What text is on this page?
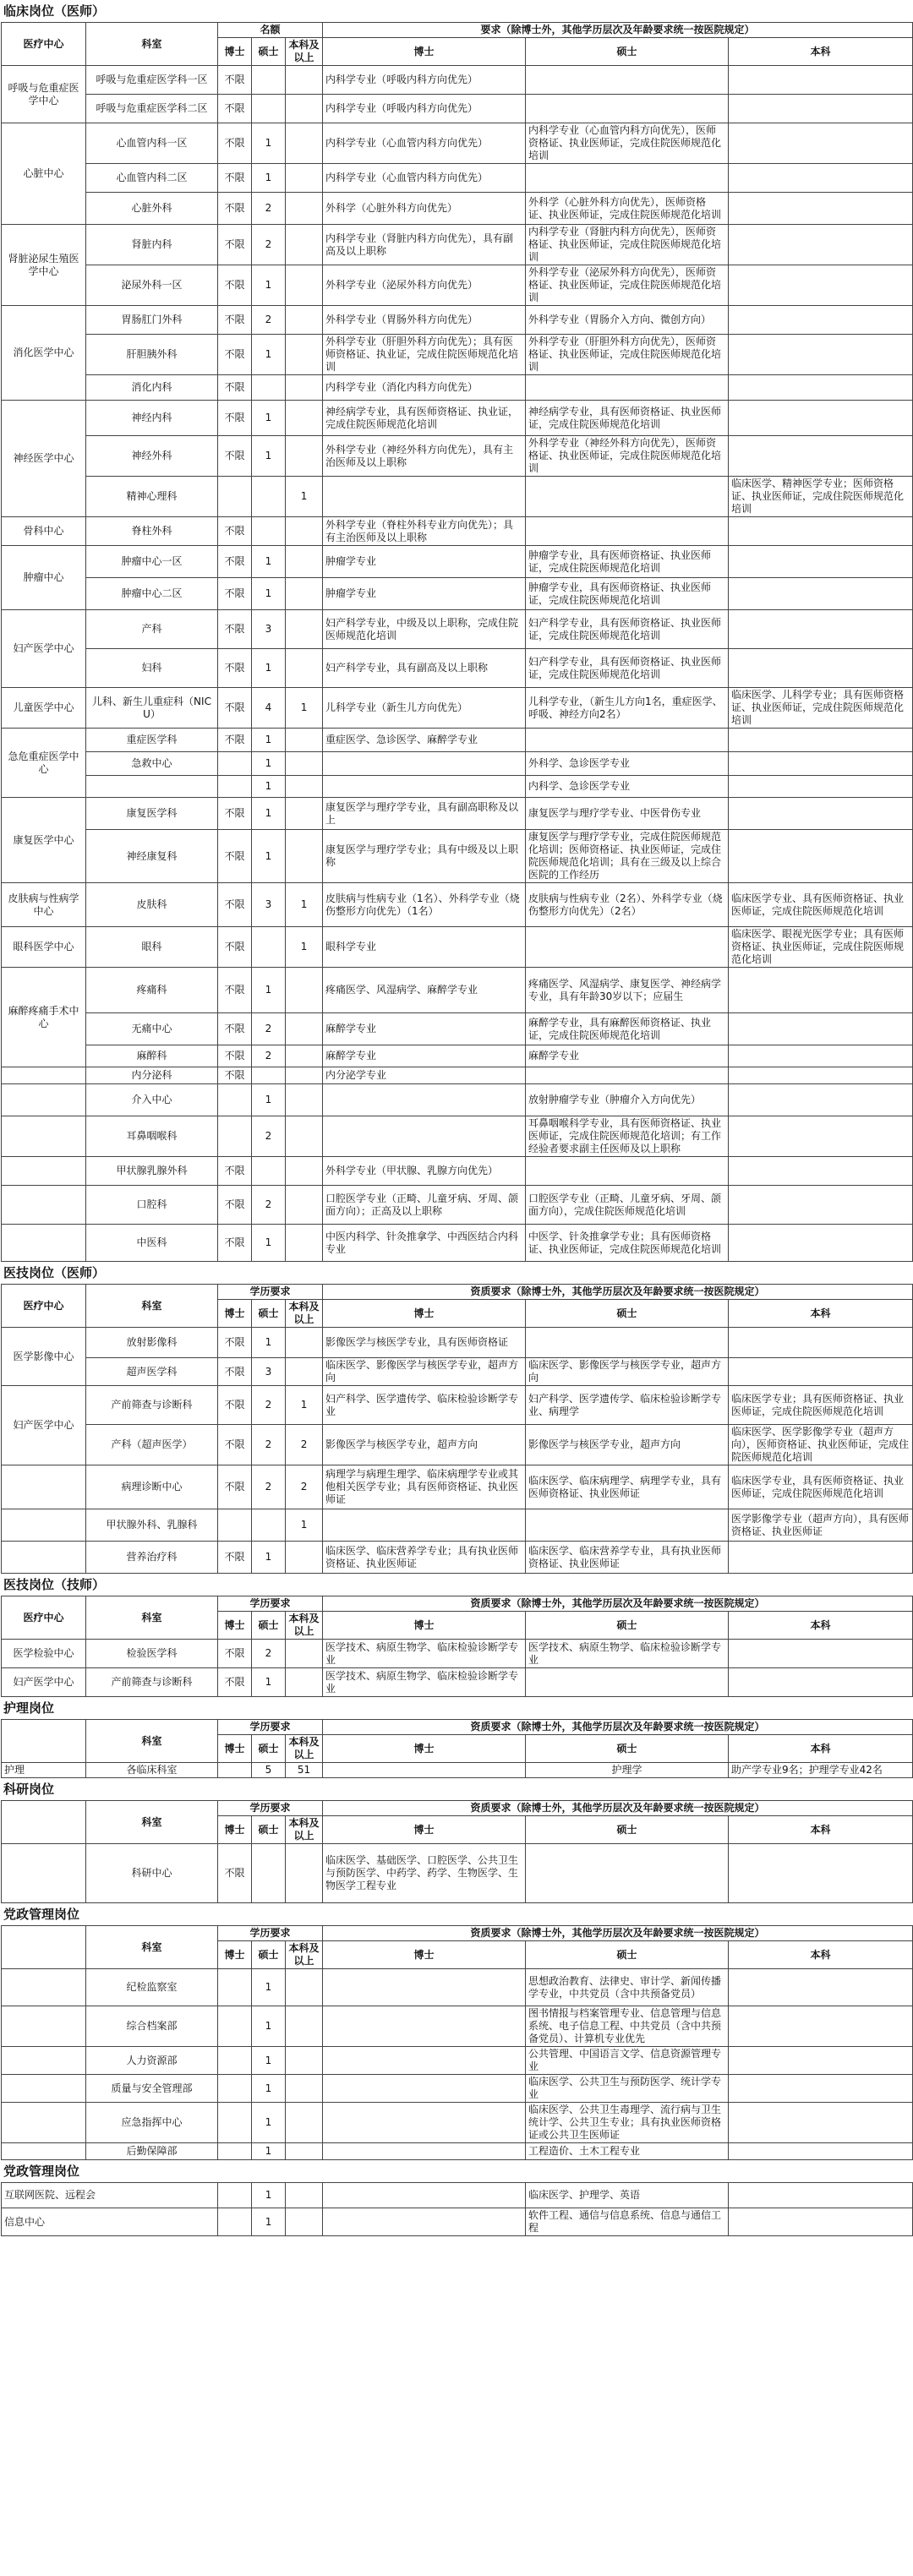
临床岗位（医师）
医疗中心	科室	名额			要求（除博士外，其他学历层次及年龄要求统一按医院规定）		
		博士	硕士	本科及以上	博士	硕士	本科
呼吸与危重症医学中心	呼吸与危重症医学科一区	不限			内科学专业（呼吸内科方向优先）		
	呼吸与危重症医学科二区	不限			内科学专业（呼吸内科方向优先）		
心脏中心	心血管内科一区	不限	1		内科学专业（心血管内科方向优先）	内科学专业（心血管内科方向优先），医师资格证、执业医师证，完成住院医师规范化培训	
	心血管内科二区	不限	1		内科学专业（心血管内科方向优先）		
	心脏外科	不限	2		外科学（心脏外科方向优先）	外科学（心脏外科方向优先），医师资格证、执业医师证，完成住院医师规范化培训	
肾脏泌尿生殖医学中心	肾脏内科	不限	2		内科学专业（肾脏内科方向优先），具有副高及以上职称	内科学专业（肾脏内科方向优先），医师资格证、执业医师证，完成住院医师规范化培训	
	泌尿外科一区	不限	1		外科学专业（泌尿外科方向优先）	外科学专业（泌尿外科方向优先），医师资格证、执业医师证，完成住院医师规范化培训	
消化医学中心	胃肠肛门外科	不限	2		外科学专业（胃肠外科方向优先）	外科学专业（胃肠介入方向、微创方向）	
	肝胆胰外科	不限	1		外科学专业（肝胆外科方向优先）；具有医师资格证、执业证，完成住院医师规范化培训	外科学专业（肝胆外科方向优先），医师资格证、执业医师证，完成住院医师规范化培训	
	消化内科	不限			内科学专业（消化内科方向优先）		
神经医学中心	神经内科	不限	1		神经病学专业，具有医师资格证、执业证，完成住院医师规范化培训	神经病学专业，具有医师资格证、执业医师证，完成住院医师规范化培训	
	神经外科	不限	1		外科学专业（神经外科方向优先），具有主治医师及以上职称	外科学专业（神经外科方向优先），医师资格证、执业医师证，完成住院医师规范化培训	
	精神心理科			1			临床医学、精神医学专业；医师资格证、执业医师证，完成住院医师规范化培训
骨科中心	脊柱外科	不限			外科学专业（脊柱外科专业方向优先）；具有主治医师及以上职称		
肿瘤中心	肿瘤中心一区	不限	1		肿瘤学专业	肿瘤学专业，具有医师资格证、执业医师证，完成住院医师规范化培训	
	肿瘤中心二区	不限	1		肿瘤学专业	肿瘤学专业，具有医师资格证、执业医师证，完成住院医师规范化培训	
妇产医学中心	产科	不限	3		妇产科学专业，中级及以上职称，完成住院医师规范化培训	妇产科学专业，具有医师资格证、执业医师证，完成住院医师规范化培训	
	妇科	不限	1		妇产科学专业，具有副高及以上职称	妇产科学专业，具有医师资格证、执业医师证，完成住院医师规范化培训	
儿童医学中心	儿科、新生儿重症科（NICU）	不限	4	1	儿科学专业（新生儿方向优先）	儿科学专业，（新生儿方向1名，重症医学、呼吸、神经方向2名）	临床医学、儿科学专业；具有医师资格证、执业医师证，完成住院医师规范化培训
急危重症医学中心	重症医学科	不限	1		重症医学、急诊医学、麻醉学专业		
	急救中心		1			外科学、急诊医学专业	
			1			内科学、急诊医学专业	
康复医学中心	康复医学科	不限	1		康复医学与理疗学专业，具有副高职称及以上	康复医学与理疗学专业、中医骨伤专业	
	神经康复科	不限	1		康复医学与理疗学专业；具有中级及以上职称	康复医学与理疗学专业，完成住院医师规范化培训；医师资格证、执业医师证，完成住院医师规范化培训；具有在三级及以上综合医院的工作经历	
皮肤病与性病学中心	皮肤科	不限	3	1	皮肤病与性病专业（1名）、外科学专业（烧伤整形方向优先）（1名）	皮肤病与性病专业（2名）、外科学专业（烧伤整形方向优先）（2名）	临床医学专业、具有医师资格证、执业医师证，完成住院医师规范化培训
眼科医学中心	眼科	不限		1	眼科学专业		临床医学、眼视光医学专业；具有医师资格证、执业医师证，完成住院医师规范化培训
麻醉疼痛手术中心	疼痛科	不限	1		疼痛医学、风湿病学、麻醉学专业	疼痛医学、风湿病学、康复医学、神经病学专业，具有年龄30岁以下；应届生	
	无痛中心	不限	2		麻醉学专业	麻醉学专业，具有麻醉医师资格证、执业证，完成住院医师规范化培训	
	麻醉科	不限	2		麻醉学专业	麻醉学专业	
	内分泌科	不限			内分泌学专业		
	介入中心		1			放射肿瘤学专业（肿瘤介入方向优先）	
	耳鼻咽喉科		2			耳鼻咽喉科学专业，具有医师资格证、执业医师证，完成住院医师规范化培训；有工作经验者要求副主任医师及以上职称	
	甲状腺乳腺外科	不限			外科学专业（甲状腺、乳腺方向优先）		
	口腔科	不限	2		口腔医学专业（正畸、儿童牙病、牙周、颌面方向）；正高及以上职称	口腔医学专业（正畸、儿童牙病、牙周、颌面方向），完成住院医师规范化培训	
	中医科	不限	1		中医内科学、针灸推拿学、中西医结合内科专业	中医学、针灸推拿学专业；具有医师资格证、执业医师证，完成住院医师规范化培训	
医技岗位（医师）
医疗中心	科室	学历要求			资质要求（除博士外，其他学历层次及年龄要求统一按医院规定）		
		博士	硕士	本科及以上	博士	硕士	本科
医学影像中心	放射影像科	不限	1		影像医学与核医学专业，具有医师资格证		
	超声医学科	不限	3		临床医学、影像医学与核医学专业，超声方向	临床医学、影像医学与核医学专业，超声方向	
妇产医学中心	产前筛查与诊断科	不限	2	1	妇产科学、医学遗传学、临床检验诊断学专业	妇产科学、医学遗传学、临床检验诊断学专业、病理学	临床医学专业；具有医师资格证、执业医师证，完成住院医师规范化培训
	产科（超声医学）	不限	2	2	影像医学与核医学专业，超声方向	影像医学与核医学专业，超声方向	临床医学、医学影像学专业（超声方向），医师资格证、执业医师证，完成住院医师规范化培训
	病理诊断中心	不限	2	2	病理学与病理生理学、临床病理学专业或其他相关医学专业；具有医师资格证、执业医师证	临床医学、临床病理学、病理学专业，具有医师资格证、执业医师证	临床医学专业，具有医师资格证、执业医师证，完成住院医师规范化培训
	甲状腺外科、乳腺科			1			医学影像学专业（超声方向），具有医师资格证、执业医师证
	营养治疗科	不限	1		临床医学、临床营养学专业；具有执业医师资格证、执业医师证	临床医学、临床营养学专业，具有执业医师资格证、执业医师证	
医技岗位（技师）
医疗中心	科室	学历要求			资质要求（除博士外，其他学历层次及年龄要求统一按医院规定）		
		博士	硕士	本科及以上	博士	硕士	本科
医学检验中心	检验医学科	不限	2		医学技术、病原生物学、临床检验诊断学专业	医学技术、病原生物学、临床检验诊断学专业	
妇产医学中心	产前筛查与诊断科	不限	1		医学技术、病原生物学、临床检验诊断学专业		
护理岗位
	科室	学历要求			资质要求（除博士外，其他学历层次及年龄要求统一按医院规定）		
		博士	硕士	本科及以上	博士	硕士	本科
护理	各临床科室		5	51		护理学	助产学专业9名；护理学专业42名
科研岗位
	科室	学历要求			资质要求（除博士外，其他学历层次及年龄要求统一按医院规定）		
		博士	硕士	本科及以上	博士	硕士	本科
	科研中心	不限			临床医学、基础医学、口腔医学、公共卫生与预防医学、中药学、药学、生物医学、生物医学工程专业		
党政管理岗位
	科室	学历要求			资质要求（除博士外，其他学历层次及年龄要求统一按医院规定）		
		博士	硕士	本科及以上	博士	硕士	本科
	纪检监察室		1			思想政治教育、法律史、审计学、新闻传播学专业，中共党员（含中共预备党员）	
	综合档案部		1			图书情报与档案管理专业、信息管理与信息系统、电子信息工程、中共党员（含中共预备党员）、计算机专业优先	
	人力资源部		1			公共管理、中国语言文学、信息资源管理专业	
	质量与安全管理部		1			临床医学、公共卫生与预防医学、统计学专业	
	应急指挥中心		1			临床医学、公共卫生毒理学、流行病与卫生统计学、公共卫生专业；具有执业医师资格证或公共卫生医师证	
	后勤保障部		1			工程造价、土木工程专业	
党政管理岗位
互联网医院、远程会		1			临床医学、护理学、英语	
信息中心		1			软件工程、通信与信息系统、信息与通信工程	
